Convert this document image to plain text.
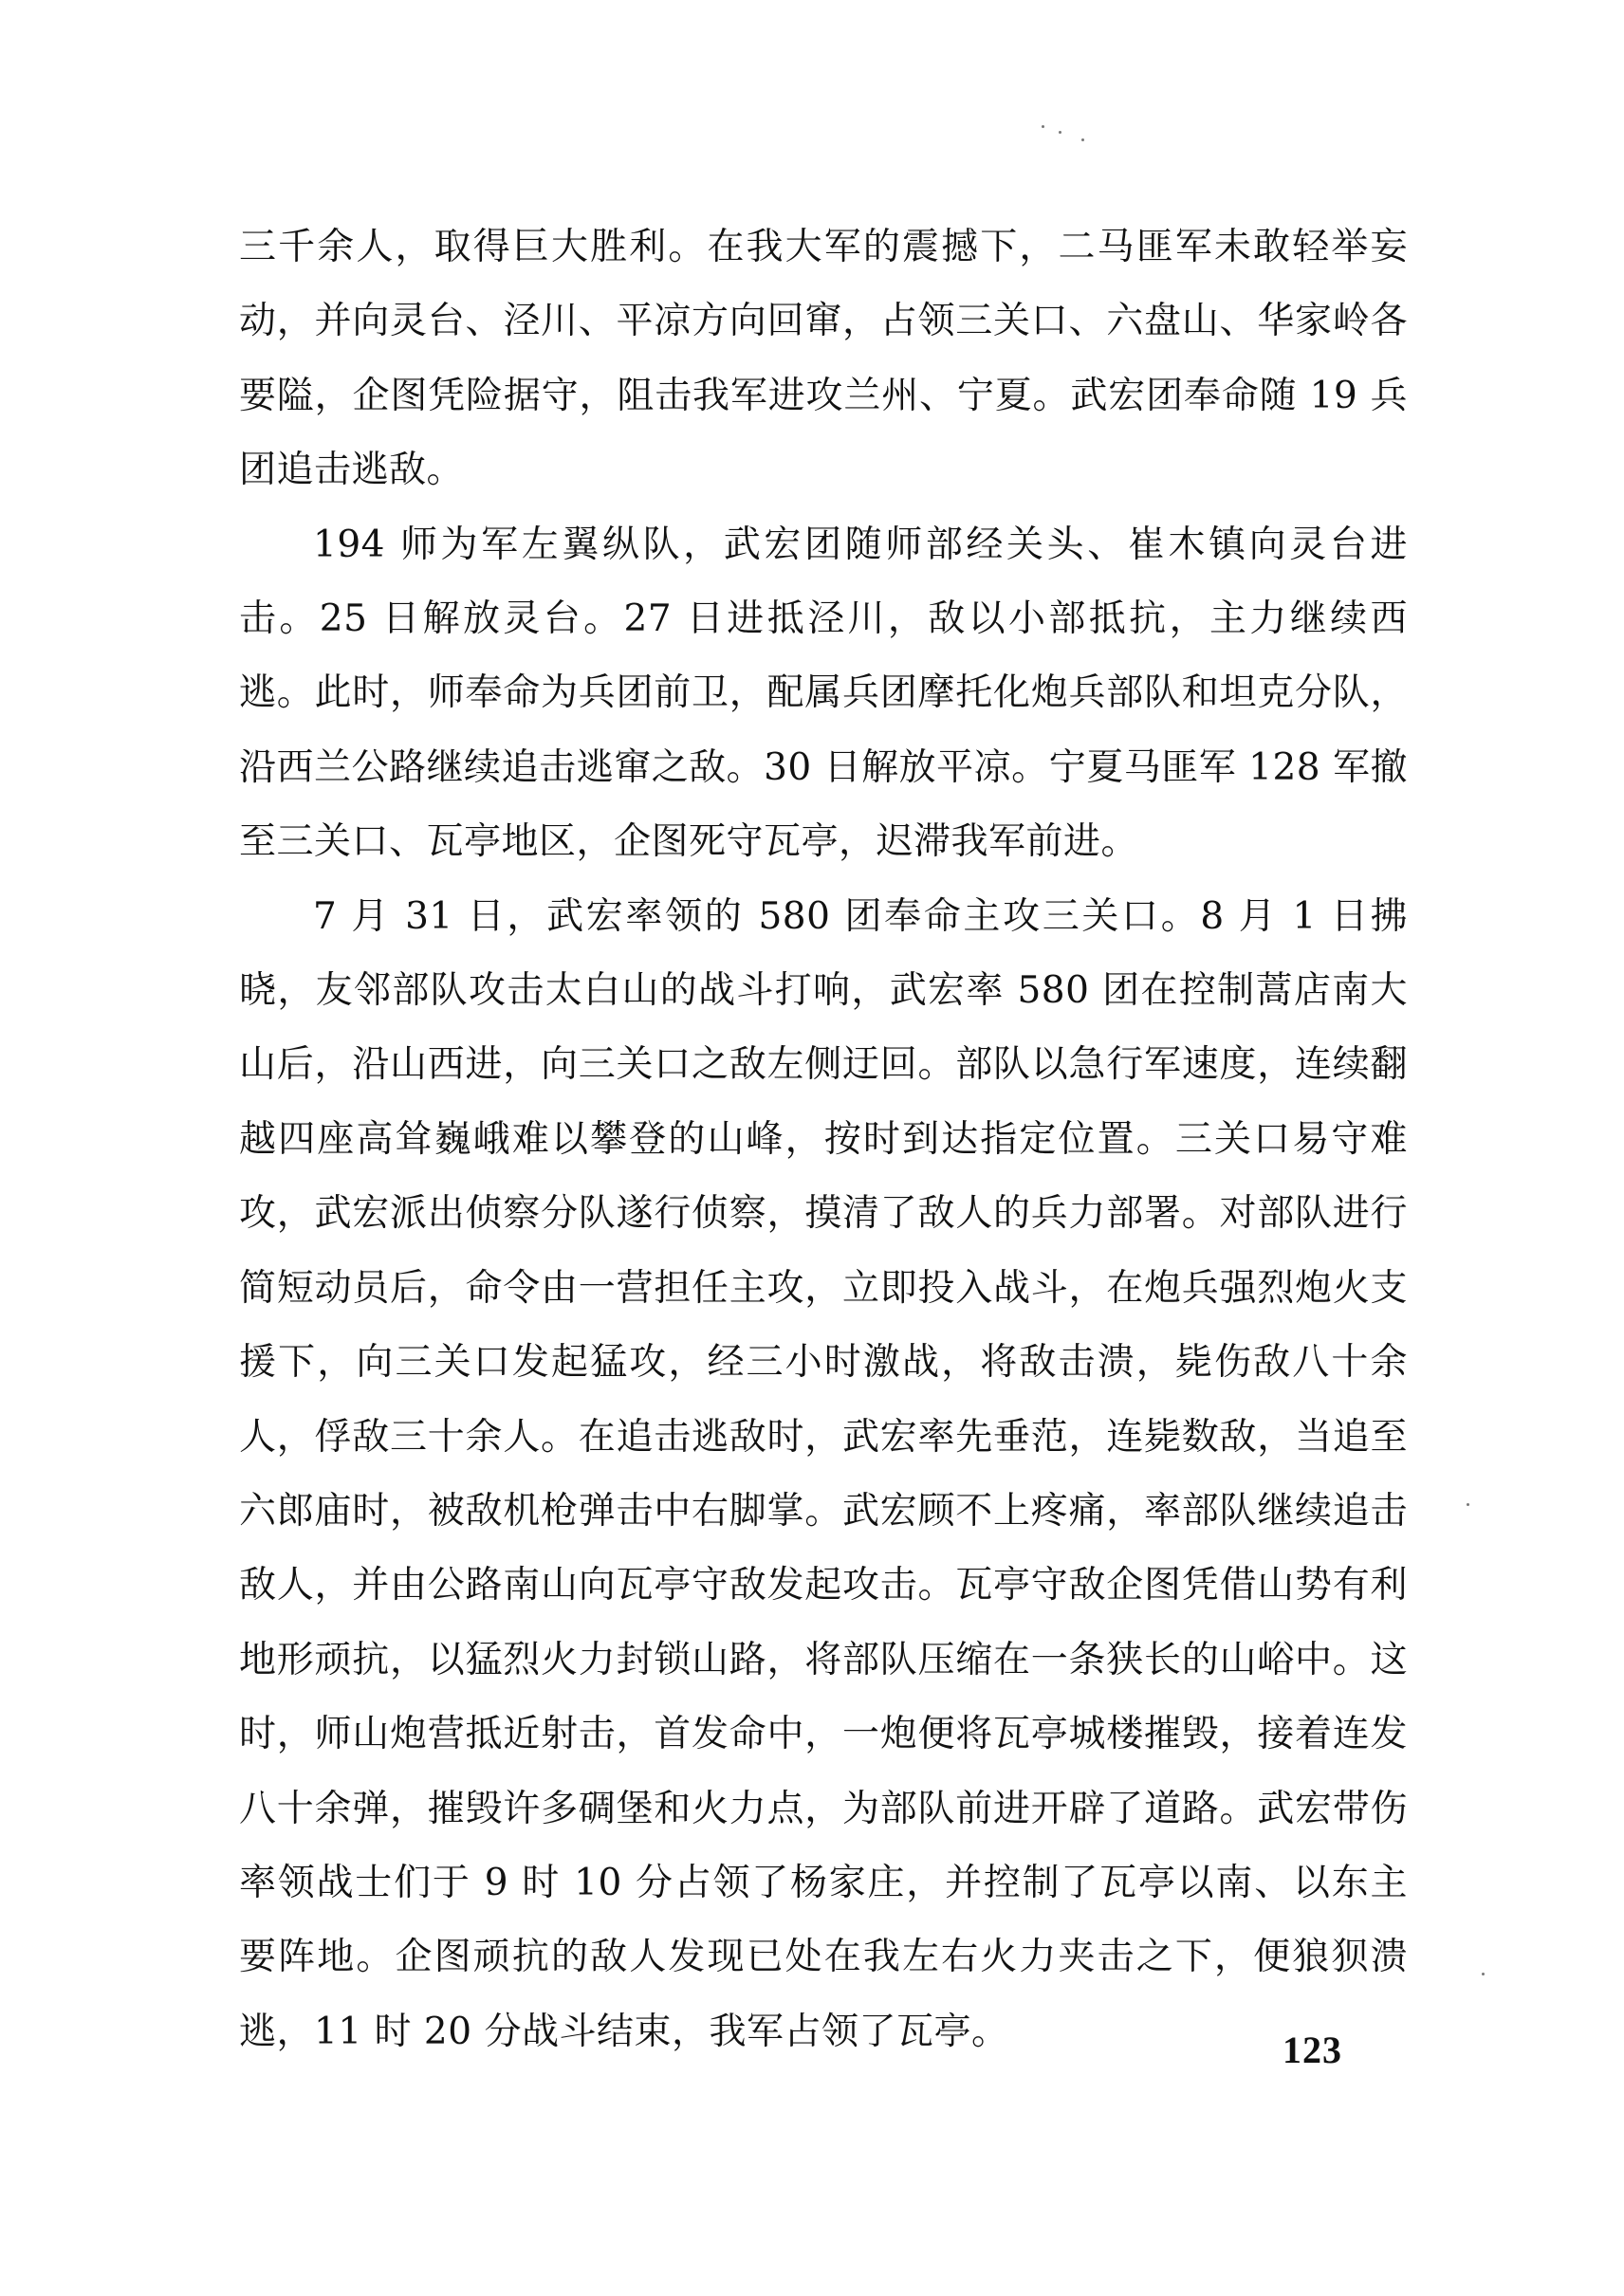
三千余人，取得巨大胜利。在我大军的震撼下，二马匪军未敢轻举妄动，并向灵台、泾川、平凉方向回窜，占领三关口、六盘山、华家岭各要隘，企图凭险据守，阻击我军进攻兰州、宁夏。武宏团奉命随 19 兵团追击逃敌。

194 师为军左翼纵队，武宏团随师部经关头、崔木镇向灵台进击。25 日解放灵台。27 日进抵泾川，敌以小部抵抗，主力继续西逃。此时，师奉命为兵团前卫，配属兵团摩托化炮兵部队和坦克分队，沿西兰公路继续追击逃窜之敌。30 日解放平凉。宁夏马匪军 128 军撤至三关口、瓦亭地区，企图死守瓦亭，迟滞我军前进。

7 月 31 日，武宏率领的 580 团奉命主攻三关口。8 月 1 日拂晓，友邻部队攻击太白山的战斗打响，武宏率 580 团在控制蒿店南大山后，沿山西进，向三关口之敌左侧迂回。部队以急行军速度，连续翻越四座高耸巍峨难以攀登的山峰，按时到达指定位置。三关口易守难攻，武宏派出侦察分队遂行侦察，摸清了敌人的兵力部署。对部队进行简短动员后，命令由一营担任主攻，立即投入战斗，在炮兵强烈炮火支援下，向三关口发起猛攻，经三小时激战，将敌击溃，毙伤敌八十余人，俘敌三十余人。在追击逃敌时，武宏率先垂范，连毙数敌，当追至六郎庙时，被敌机枪弹击中右脚掌。武宏顾不上疼痛，率部队继续追击敌人，并由公路南山向瓦亭守敌发起攻击。瓦亭守敌企图凭借山势有利地形顽抗，以猛烈火力封锁山路，将部队压缩在一条狭长的山峪中。这时，师山炮营抵近射击，首发命中，一炮便将瓦亭城楼摧毁，接着连发八十余弹，摧毁许多碉堡和火力点，为部队前进开辟了道路。武宏带伤率领战士们于 9 时 10 分占领了杨家庄，并控制了瓦亭以南、以东主要阵地。企图顽抗的敌人发现已处在我左右火力夹击之下，便狼狈溃逃，11 时 20 分战斗结束，我军占领了瓦亭。	123
